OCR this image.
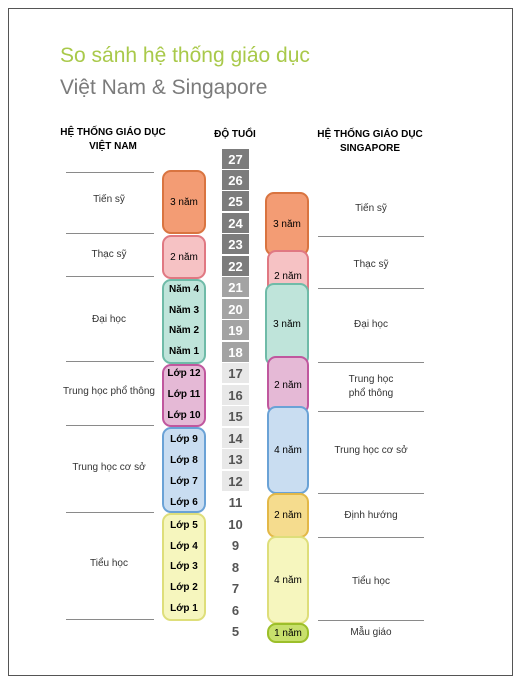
So sánh hệ thống giáo dục
Việt Nam & Singapore
HỆ THỐNG GIÁO DỤC
VIỆT NAM
ĐỘ TUỔI	HỆ THỐNG GIÁO DỤC
SINGAPORE
Tiến sỹ
Thạc sỹ
Đại học
Trung học phổ thông
Trung học cơ sở
Tiểu học
3 năm
2 năm
Năm 4
Năm 3
Năm 2
Năm 1
Lớp 12
Lớp 11
Lớp 10
Lớp 9
Lớp 8
Lớp 7
Lớp 6
Lớp 5
Lớp 4
Lớp 3
Lớp 2
Lớp 1
27
26
25
24
23
22
21
20
19
18
17
16
15
14
13
12
11
10
9
8
7
6
5
3 năm
2 năm
3 năm
2 năm
4 năm
2 năm
4 năm
1 năm
Tiến sỹ
Thạc sỹ
Đại học
Trung học phổ thông
Trung học cơ sở
Định hướng
Tiểu học
Mẫu giáo
